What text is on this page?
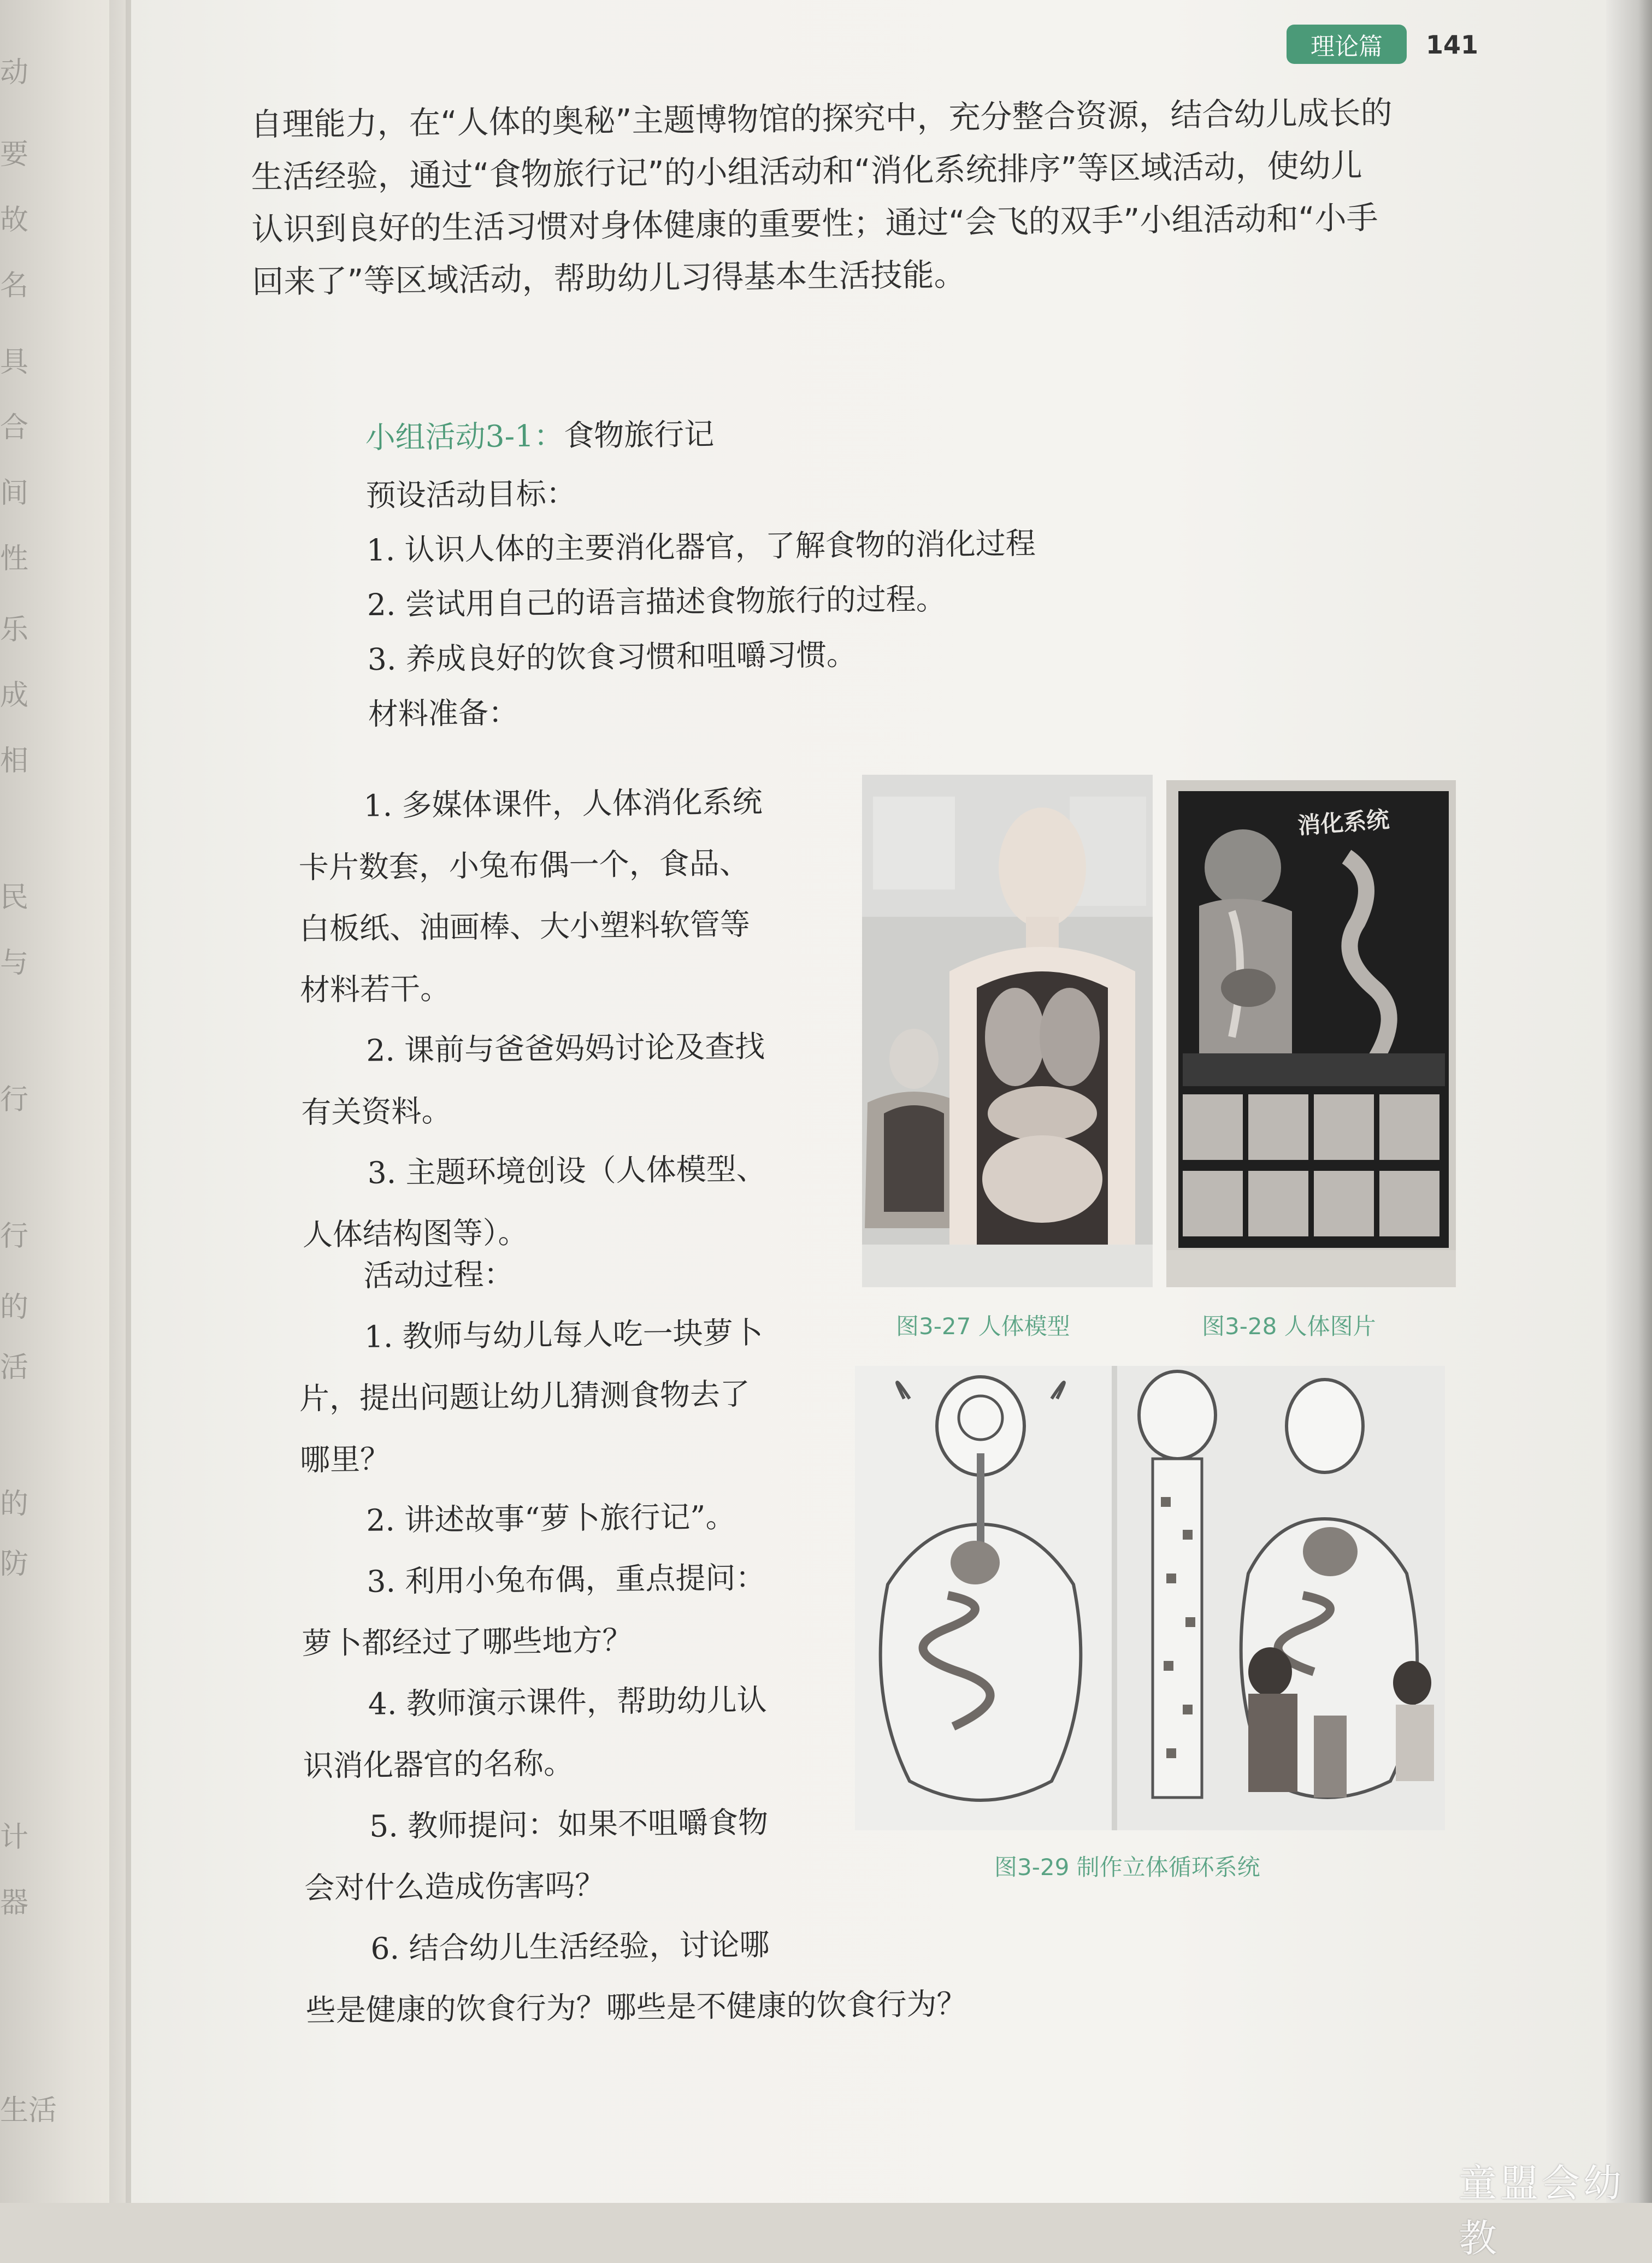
动
要
故
名
具
合
间
性
乐
成
相
民
与
行
行
的
活
的
防
计
器
生活
理论篇	141
自理能力，在“人体的奥秘”主题博物馆的探究中，充分整合资源，结合幼儿成长的
生活经验，通过“食物旅行记”的小组活动和“消化系统排序”等区域活动，使幼儿
认识到良好的生活习惯对身体健康的重要性；通过“会飞的双手”小组活动和“小手
回来了”等区域活动，帮助幼儿习得基本生活技能。
小组活动3-1：食物旅行记
预设活动目标：
1. 认识人体的主要消化器官，了解食物的消化过程
2. 尝试用自己的语言描述食物旅行的过程。
3. 养成良好的饮食习惯和咀嚼习惯。
材料准备：
1. 多媒体课件，人体消化系统
卡片数套，小兔布偶一个，食品、
白板纸、油画棒、大小塑料软管等
材料若干。
2. 课前与爸爸妈妈讨论及查找
有关资料。
3. 主题环境创设（人体模型、
人体结构图等）。
活动过程：
1. 教师与幼儿每人吃一块萝卜
片，提出问题让幼儿猜测食物去了
哪里？
2. 讲述故事“萝卜旅行记”。
3. 利用小兔布偶，重点提问：
萝卜都经过了哪些地方？
4. 教师演示课件，帮助幼儿认
识消化器官的名称。
5. 教师提问：如果不咀嚼食物
会对什么造成伤害吗？
6. 结合幼儿生活经验，讨论哪
些是健康的饮食行为？哪些是不健康的饮食行为？
图3-27 人体模型
消化系统
图3-28 人体图片
图3-29 制作立体循环系统
童盟会幼教
